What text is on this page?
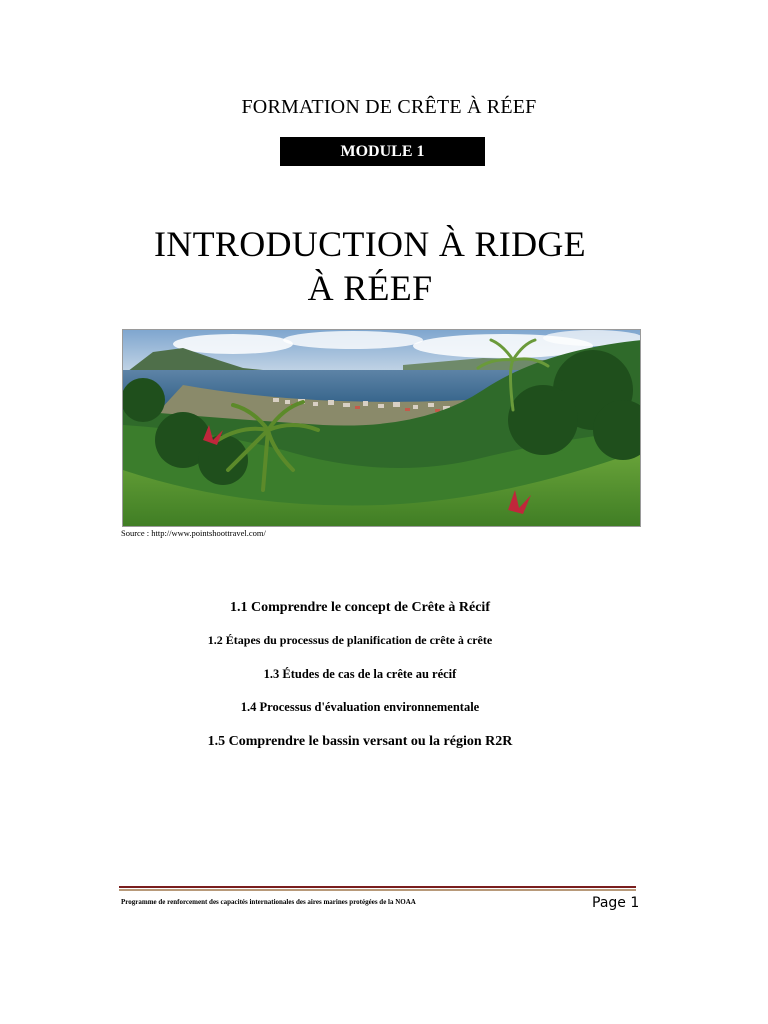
FORMATION DE CRÊTE À RÉEF
MODULE 1
INTRODUCTION À RIDGE
À RÉEF
Source : http://www.pointshoottravel.com/
1.1 Comprendre le concept de Crête à Récif
1.2 Étapes du processus de planification de crête à crête
1.3 Études de cas de la crête au récif
1.4 Processus d'évaluation environnementale
1.5 Comprendre le bassin versant ou la région R2R
Programme de renforcement des capacités internationales des aires marines protégées de la NOAA	Page 1
